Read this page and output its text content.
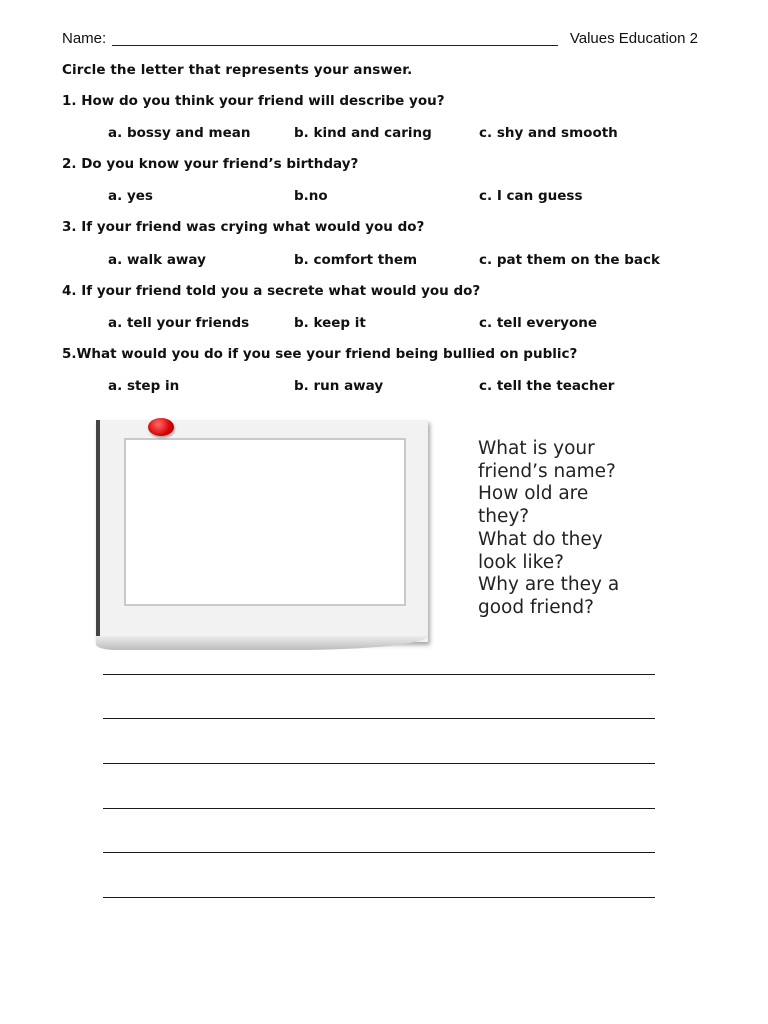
Name:	Values Education 2
Circle the letter that represents your answer.
1. How do you think your friend will describe you?
a. bossy and mean	b. kind and caring	c. shy and smooth
2. Do you know your friend’s birthday?
a. yes	b.no	c. I can guess
3. If your friend was crying what would you do?
a. walk away	b. comfort them	c. pat them on the back
4. If your friend told you a secrete what would you do?
a. tell your friends	b. keep it	c. tell everyone
5.What would you do if you see your friend being bullied on public?
a. step in	b. run away	c. tell the teacher
What is your
friend’s name?
How old are
they?
What do they
look like?
Why are they a
good friend?
